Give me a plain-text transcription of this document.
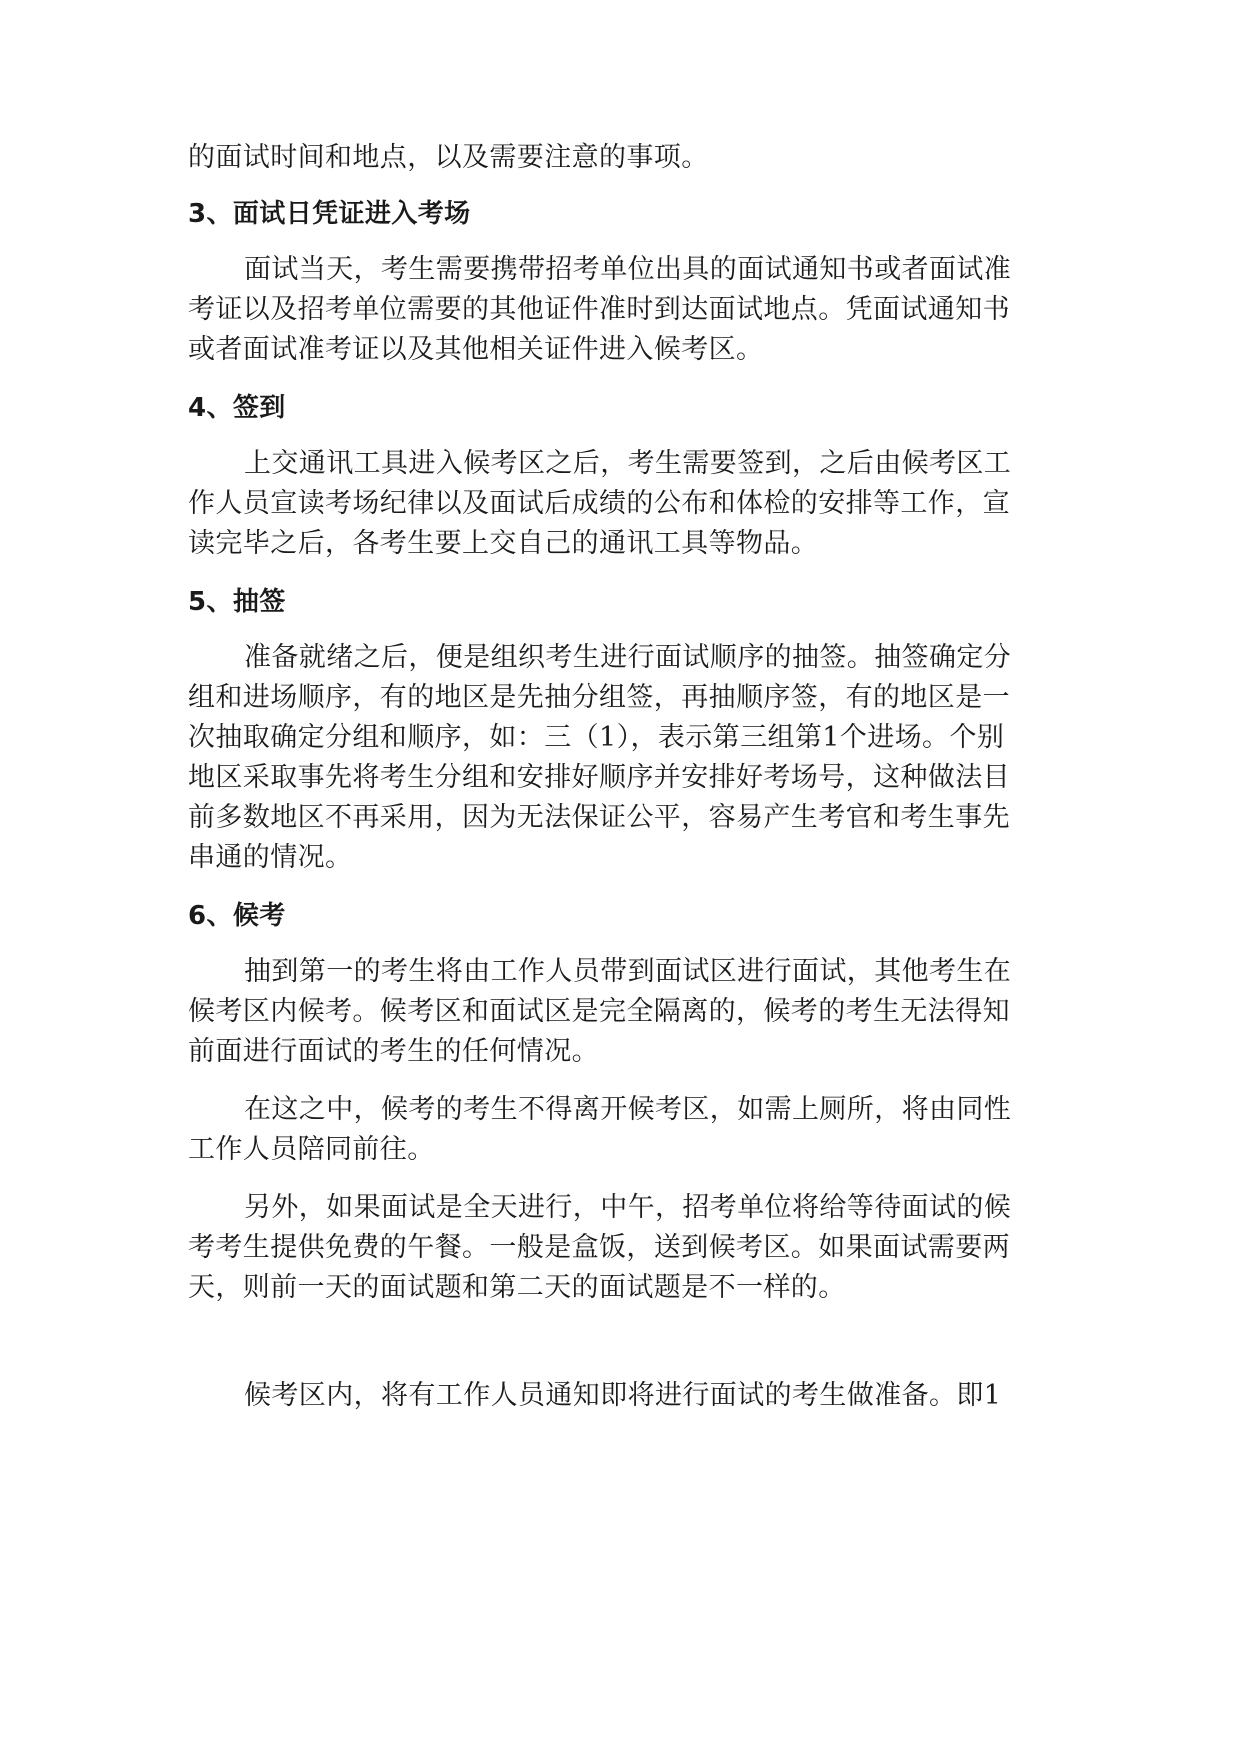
的面试时间和地点，以及需要注意的事项。
3、面试日凭证进入考场
面试当天，考生需要携带招考单位出具的面试通知书或者面试准
考证以及招考单位需要的其他证件准时到达面试地点。凭面试通知书
或者面试准考证以及其他相关证件进入候考区。
4、签到
上交通讯工具进入候考区之后，考生需要签到，之后由候考区工
作人员宣读考场纪律以及面试后成绩的公布和体检的安排等工作，宣
读完毕之后，各考生要上交自己的通讯工具等物品。
5、抽签
准备就绪之后，便是组织考生进行面试顺序的抽签。抽签确定分
组和进场顺序，有的地区是先抽分组签，再抽顺序签，有的地区是一
次抽取确定分组和顺序，如：三（1），表示第三组第1个进场。个别
地区采取事先将考生分组和安排好顺序并安排好考场号，这种做法目
前多数地区不再采用，因为无法保证公平，容易产生考官和考生事先
串通的情况。
6、候考
抽到第一的考生将由工作人员带到面试区进行面试，其他考生在
候考区内候考。候考区和面试区是完全隔离的，候考的考生无法得知
前面进行面试的考生的任何情况。
在这之中，候考的考生不得离开候考区，如需上厕所，将由同性
工作人员陪同前往。
另外，如果面试是全天进行，中午，招考单位将给等待面试的候
考考生提供免费的午餐。一般是盒饭，送到候考区。如果面试需要两
天，则前一天的面试题和第二天的面试题是不一样的。
候考区内，将有工作人员通知即将进行面试的考生做准备。即1
